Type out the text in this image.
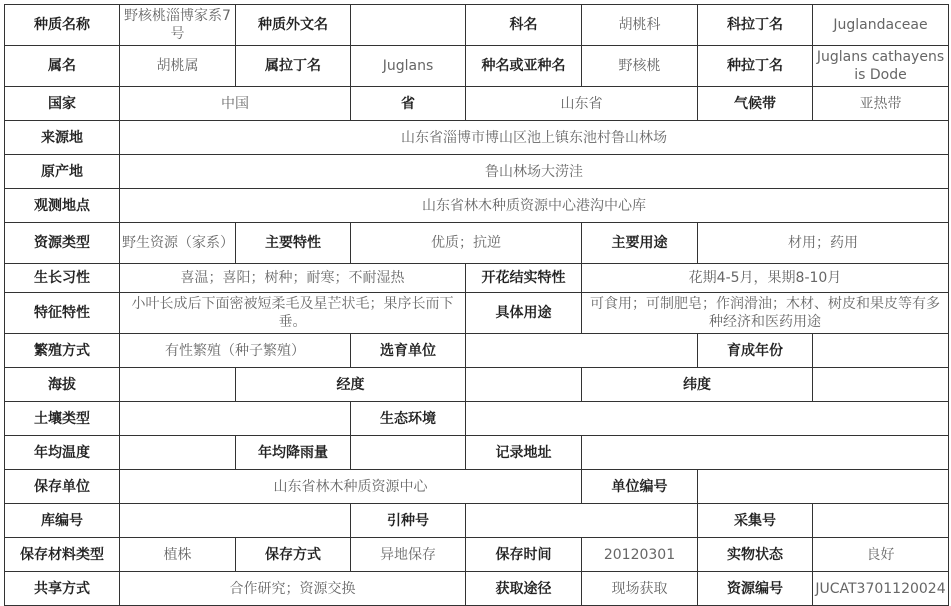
种质名称	野核桃淄博家系7号	种质外文名		科名	胡桃科	科拉丁名	Juglandaceae
属名	胡桃属	属拉丁名	Juglans	种名或亚种名	野核桃	种拉丁名	Juglans cathayensis Dode
国家	中国		省	山东省		气候带	亚热带
来源地	山东省淄博市博山区池上镇东池村鲁山林场						
原产地	鲁山林场大涝洼						
观测地点	山东省林木种质资源中心港沟中心库						
资源类型	野生资源（家系）	主要特性	优质；抗逆		主要用途	材用；药用	
生长习性	喜温；喜阳；树种；耐寒；不耐湿热			开花结实特性	花期4-5月，果期8-10月		
特征特性	小叶长成后下面密被短柔毛及星芒状毛；果序长而下垂。			具体用途	可食用；可制肥皂；作润滑油；木材、树皮和果皮等有多种经济和医药用途		
繁殖方式	有性繁殖（种子繁殖）		选育单位			育成年份	
海拔		经度			纬度		
土壤类型			生态环境				
年均温度		年均降雨量		记录地址			
保存单位	山东省林木种质资源中心				单位编号		
库编号			引种号			采集号	
保存材料类型	植株	保存方式	异地保存	保存时间	20120301	实物状态	良好
共享方式	合作研究；资源交换			获取途径	现场获取	资源编号	JUCAT3701120024
